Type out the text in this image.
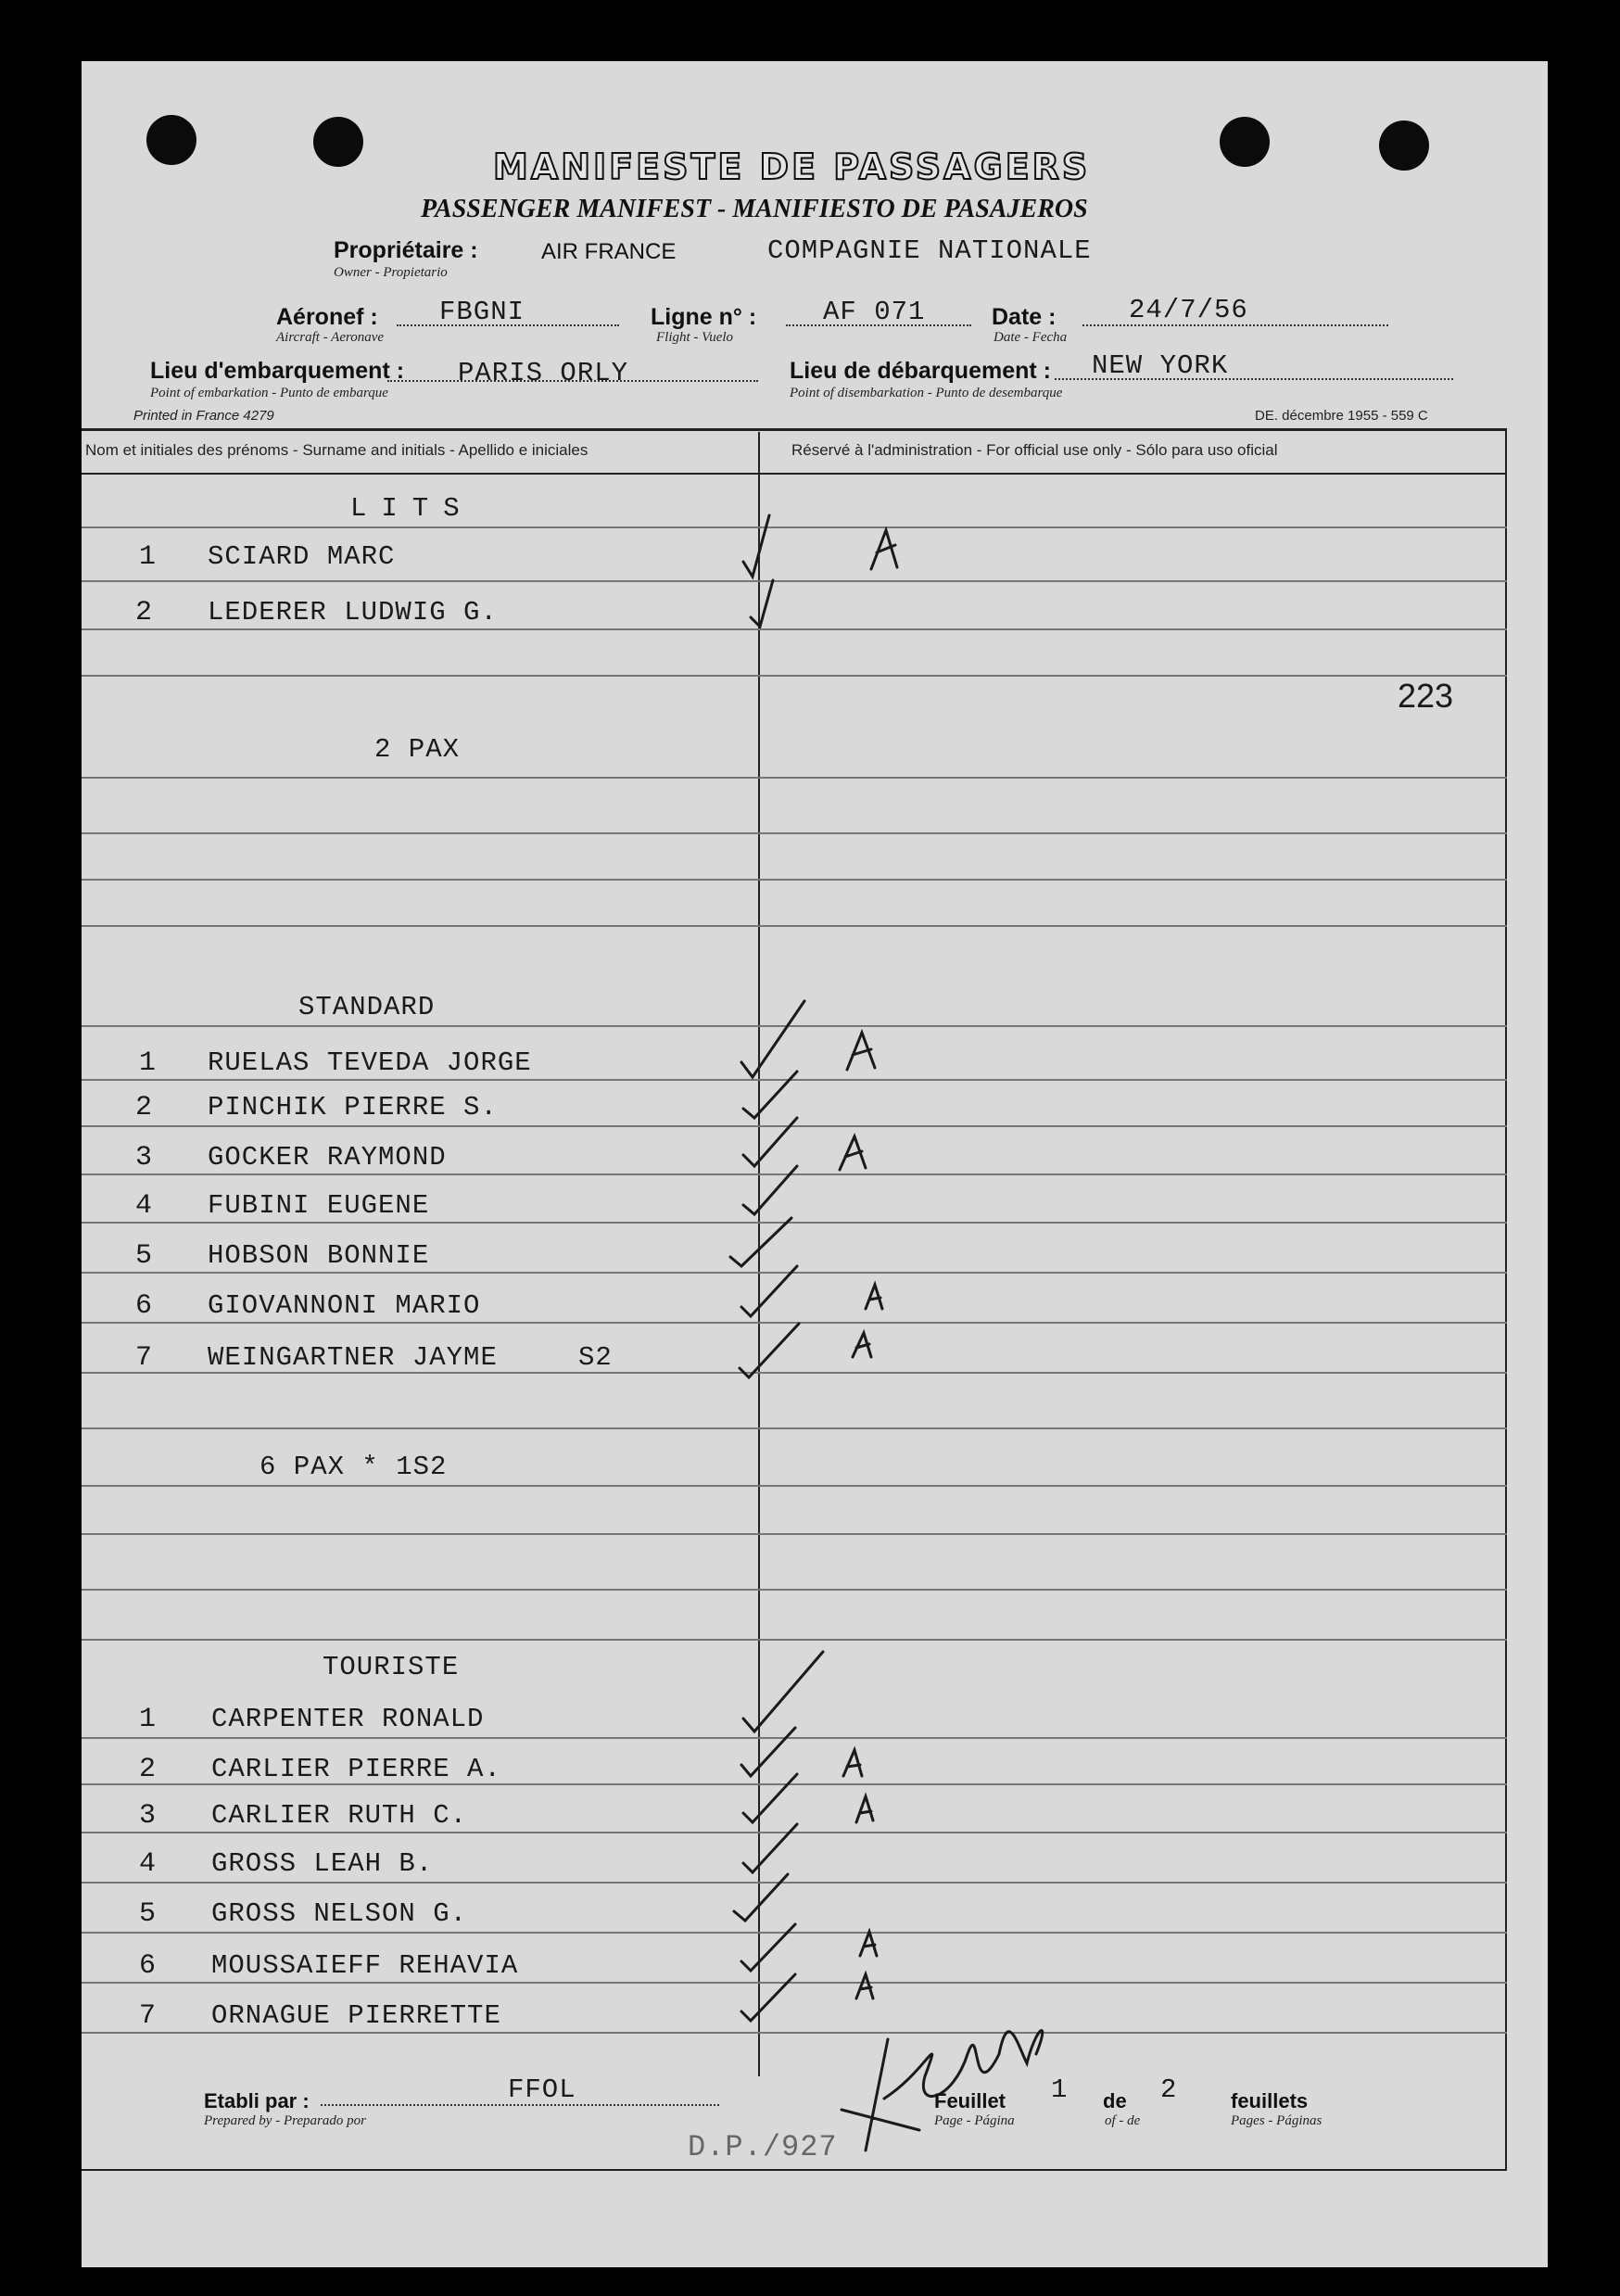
MANIFESTE DE PASSAGERS
PASSENGER MANIFEST - MANIFIESTO DE PASAJEROS
Propriétaire :
Owner - Propietario
AIR FRANCE	COMPAGNIE NATIONALE
Aéronef :
Aircraft - Aeronave
FBGNI	Ligne n° :
Flight - Vuelo
AF 071	Date :
Date - Fecha
24/7/56
Lieu d'embarquement :
Point of embarkation - Punto de embarque
PARIS ORLY	Lieu de débarquement :
Point of disembarkation - Punto de desembarque
NEW YORK
Printed in France 4279	DE. décembre 1955 - 559 C
Nom et initiales des prénoms - Surname and initials - Apellido e iniciales	Réservé à l'administration - For official use only - Sólo para uso oficial
LITS
1 SCIARD MARC
2 LEDERER LUDWIG G.
223
2 PAX
STANDARD
1 RUELAS TEVEDA JORGE
2 PINCHIK PIERRE S.
3 GOCKER RAYMOND
4 FUBINI EUGENE
5 HOBSON BONNIE
6 GIOVANNONI MARIO
7 WEINGARTNER JAYME	S2
6 PAX * 1S2
TOURISTE
1 CARPENTER RONALD
2 CARLIER PIERRE A.
3 CARLIER RUTH C.
4 GROSS LEAH B.
5 GROSS NELSON G.
6 MOUSSAIEFF REHAVIA
7 ORNAGUE PIERRETTE
Etabli par :
Prepared by - Preparado por
FFOL	Feuillet 1 de 2	feuillets
Page - Página	of - de	Pages - Páginas
D.P./927
